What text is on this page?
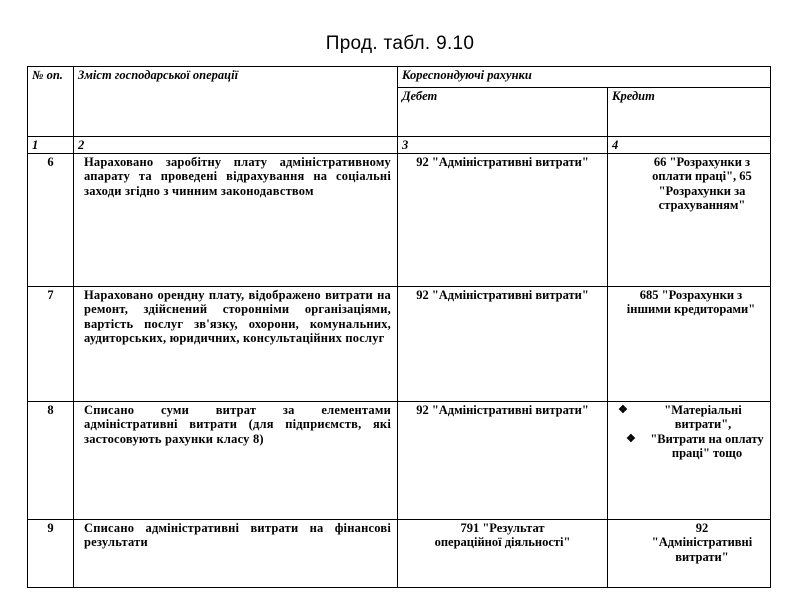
Прод. табл. 9.10
№ оп.	Зміст господарської операції	Кореспондуючі рахунки	
		Дебет	Кредит
1	2	3	4
6	Нараховано заробітну плату адміністративному апарату та проведені відрахування на соціальні заходи згідно з чинним законодавством	92 "Адміністративні витрати"	66 "Розрахунки з оплати праці", 65 "Розрахунки за страхуванням"
7	Нараховано орендну плату, відображено витрати на ремонт, здійснений сторонніми організаціями, вартість послуг зв'язку, охорони, комунальних, аудиторських, юридичних, консультаційних послуг	92 "Адміністративні витрати"	685 "Розрахунки з іншими кредиторами"
8	Списано суми витрат за елементами адміністративні витрати (для підприємств, які застосовують рахунки класу 8)	92 "Адміністративні витрати"	❖ "Матеріальні витрати",
❖ "Витрати на оплату праці" тощо

9	Списано адміністративні витрати на фінансові результати	791 "Результат операційної діяльності"	92 "Адміністративні витрати"
